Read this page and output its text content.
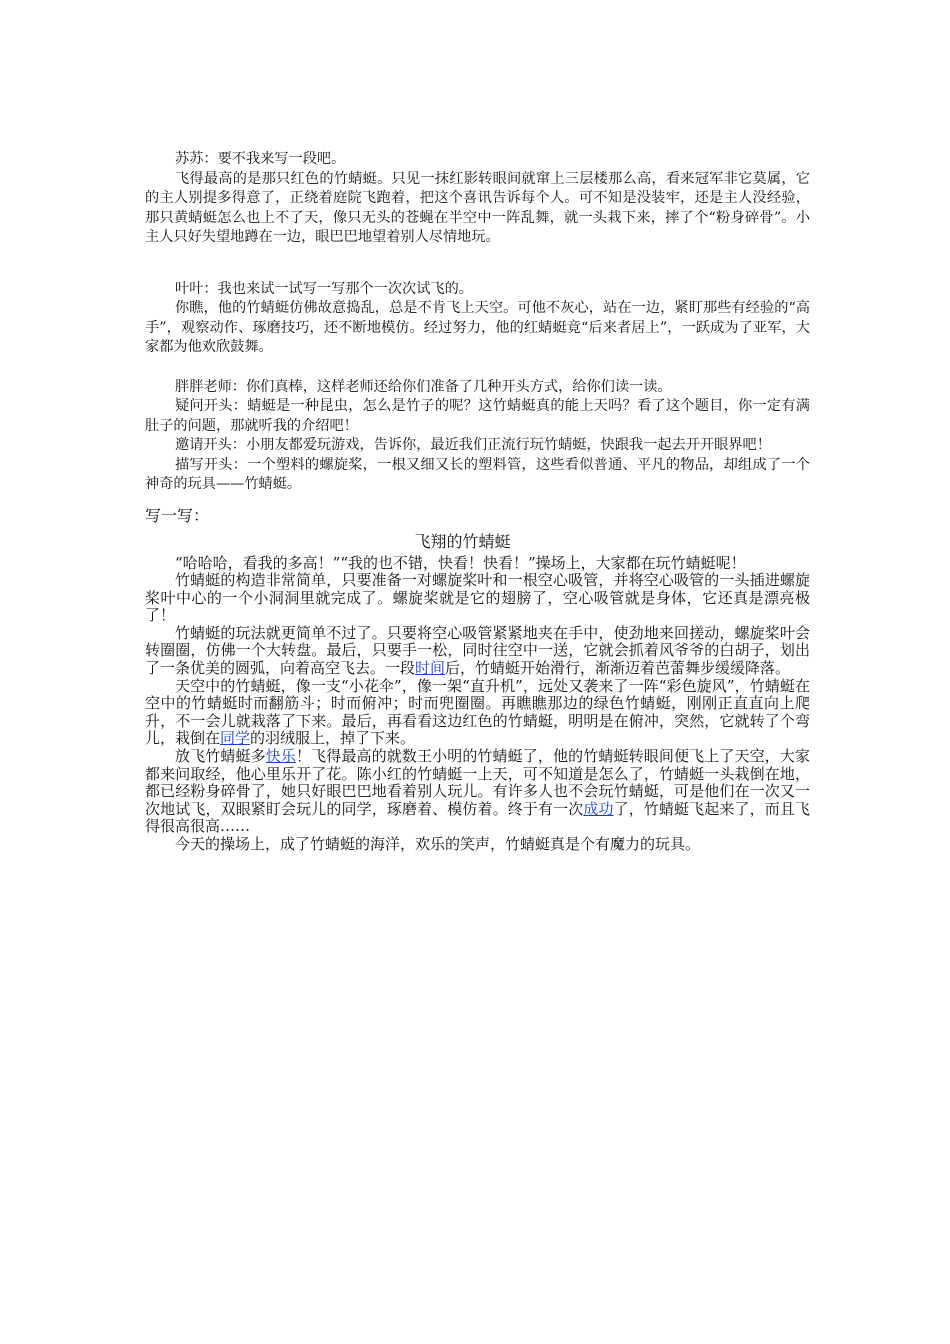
苏苏：要不我来写一段吧。

飞得最高的是那只红色的竹蜻蜓。只见一抹红影转眼间就窜上三层楼那么高，看来冠军非它莫属，它的主人别提多得意了，正绕着庭院飞跑着，把这个喜讯告诉每个人。可不知是没装牢，还是主人没经验，那只黄蜻蜓怎么也上不了天，像只无头的苍蝇在半空中一阵乱舞，就一头栽下来，摔了个“粉身碎骨”。小主人只好失望地蹲在一边，眼巴巴地望着别人尽情地玩。

叶叶：我也来试一试写一写那个一次次试飞的。

你瞧，他的竹蜻蜓仿佛故意捣乱，总是不肯飞上天空。可他不灰心，站在一边，紧盯那些有经验的“高手”，观察动作、琢磨技巧，还不断地模仿。经过努力，他的红蜻蜓竟“后来者居上”，一跃成为了亚军，大家都为他欢欣鼓舞。

胖胖老师：你们真棒，这样老师还给你们准备了几种开头方式，给你们读一读。

疑问开头：蜻蜓是一种昆虫，怎么是竹子的呢？这竹蜻蜓真的能上天吗？看了这个题目，你一定有满肚子的问题，那就听我的介绍吧！

邀请开头：小朋友都爱玩游戏，告诉你，最近我们正流行玩竹蜻蜓，快跟我一起去开开眼界吧！

描写开头：一个塑料的螺旋桨，一根又细又长的塑料管，这些看似普通、平凡的物品，却组成了一个神奇的玩具——竹蜻蜓。

写一写：

飞翔的竹蜻蜓

“哈哈哈，看我的多高！”“我的也不错，快看！快看！”操场上，大家都在玩竹蜻蜓呢！

竹蜻蜓的构造非常简单，只要准备一对螺旋桨叶和一根空心吸管，并将空心吸管的一头插进螺旋桨叶中心的一个小洞洞里就完成了。螺旋桨就是它的翅膀了，空心吸管就是身体，它还真是漂亮极了！

竹蜻蜓的玩法就更简单不过了。只要将空心吸管紧紧地夹在手中，使劲地来回搓动，螺旋桨叶会转圈圈，仿佛一个大转盘。最后，只要手一松，同时往空中一送，它就会抓着风爷爷的白胡子，划出了一条优美的圆弧，向着高空飞去。一段时间后，竹蜻蜓开始滑行，渐渐迈着芭蕾舞步缓缓降落。

天空中的竹蜻蜓，像一支“小花伞”，像一架“直升机”，远处又袭来了一阵“彩色旋风”，竹蜻蜓在空中的竹蜻蜓时而翻筋斗；时而俯冲；时而兜圈圈。再瞧瞧那边的绿色竹蜻蜓，刚刚正直直向上爬升，不一会儿就栽落了下来。最后，再看看这边红色的竹蜻蜓，明明是在俯冲，突然，它就转了个弯儿，栽倒在同学的羽绒服上，掉了下来。

放飞竹蜻蜓多快乐！飞得最高的就数王小明的竹蜻蜓了，他的竹蜻蜓转眼间便飞上了天空，大家都来问取经，他心里乐开了花。陈小红的竹蜻蜓一上天，可不知道是怎么了，竹蜻蜓一头栽倒在地，都已经粉身碎骨了，她只好眼巴巴地看着别人玩儿。有许多人也不会玩竹蜻蜓，可是他们在一次又一次地试飞，双眼紧盯会玩儿的同学，琢磨着、模仿着。终于有一次成功了，竹蜻蜓飞起来了，而且飞得很高很高……

今天的操场上，成了竹蜻蜓的海洋，欢乐的笑声，竹蜻蜓真是个有魔力的玩具。
